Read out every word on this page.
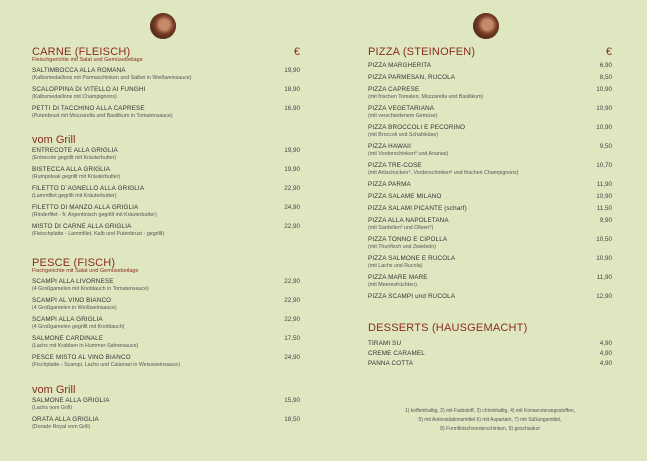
CARNE (FLEISCH)	€
Fleischgerichte mit Salat und Gemüsebeilage
SALTIMBOCCA ALLA ROMANA
(Kalbsmedaillons mit Parmaschinken und Salbei in Weißweinsauce)
19,90
SCALOPPINA DI VITELLO AI FUNGHI
(Kalbsmedaillons mit Champignons)
18,90
PETTI DI TACCHINO ALLA CAPRESE
(Putenbrust mit Mozzarella und Basilikum in Tomatensauce)
16,90
vom Grill
ENTRECOTE ALLA GRIGLIA
(Entrecote gegrillt mit Kräuterbutter)
19,90
BISTECCA ALLA GRIGLIA
(Rumpsteak gegrillt mit Kräuterbutter)
19,90
FILETTO D´AGNELLO ALLA GRIGLIA
(Lammfilet gegrillt mit Kräuterbutter)
22,90
FILETTO DI MANZO ALLA GRIGLIA
(Rinderfilet - fr. Argentinisch gegrillt mit Kräuterbutter)
24,90
MISTO DI CARNE ALLA GRIGLIA
(Fleischplatte - Lammfilet, Kalb und Putenbrust - gegrillt)
22,90
PESCE (FISCH)
Fischgerichte mit Salat und Gemüsebeilage
SCAMPI ALLA LIVORNESE
(4 Großgamelen mit Knoblauch in Tomatensauce)
22,90
SCAMPI AL VINO BIANCO
(4 Großgamelen in Weißweinsauce)
22,90
SCAMPI ALLA GRIGLIA
(4 Großgamelen gegrillt mit Knoblauch)
22,90
SALMONE CARDINALE
(Lachs mit Krabben in Hummer-Sahnesauce)
17,50
PESCE MISTO AL VINO BIANCO
(Fischplatte - Scampi, Lachs und Calamari in Weissweinsauce)
24,90
vom Grill
SALMONE ALLA GRIGLIA
(Lachs vom Grill)
15,90
ORATA ALLA GRIGLIA
(Dorade Royal vom Grill)
18,50
PIZZA (STEINOFEN)	€
PIZZA MARGHERITA	6,90
PIZZA PARMESAN, RUCOLA	8,50
PIZZA CAPRESE
(mit frischen Tomaten, Mozzarella und Basilikum)
10,90
PIZZA VEGETARIANA
(mit verschiedenem Gemüse)
10,90
PIZZA BROCCOLI E PECORINO
(mit Broccoli und Schafskäse)
10,90
PIZZA HAWAII
(mit Vorderschinken⁸ und Ananas)
9,50
PIZZA TRE-COSE
(mit Artischocken⁹, Vorderschinken⁸ und frischen Champignons)
10,70
PIZZA PARMA	11,90
PIZZA SALAME MILANO	10,90
PIZZA SALAMI PICANTE (scharf)	11,50
PIZZA ALLA NAPOLETANA
(mit Sardellen³ und Oliven⁹)
9,90
PIZZA TONNO E CIPOLLA
(mit Thunfisch und Zwiebeln)
10,50
PIZZA SALMONE E RUCOLA
(mit Lachs und Rucola)
10,90
PIZZA MARE MARE
(mit Meeresfrüchten)
11,90
PIZZA SCAMPI und RUCOLA	12,90
DESSERTS (HAUSGEMACHT)
TIRAMI SU	4,90
CREME CARAMEL	4,90
PANNA COTTA	4,90
1) koffeinhaltig, 2) mit Farbstoff, 3) chininhaltig, 4) mit Konservierungsstoffen,
5) mit Antioxidationsmittel 6) mit Aspartam, 7) mit Süßungsmittel,
8) Formfleischvorderschinken, 9) geschwärzt
